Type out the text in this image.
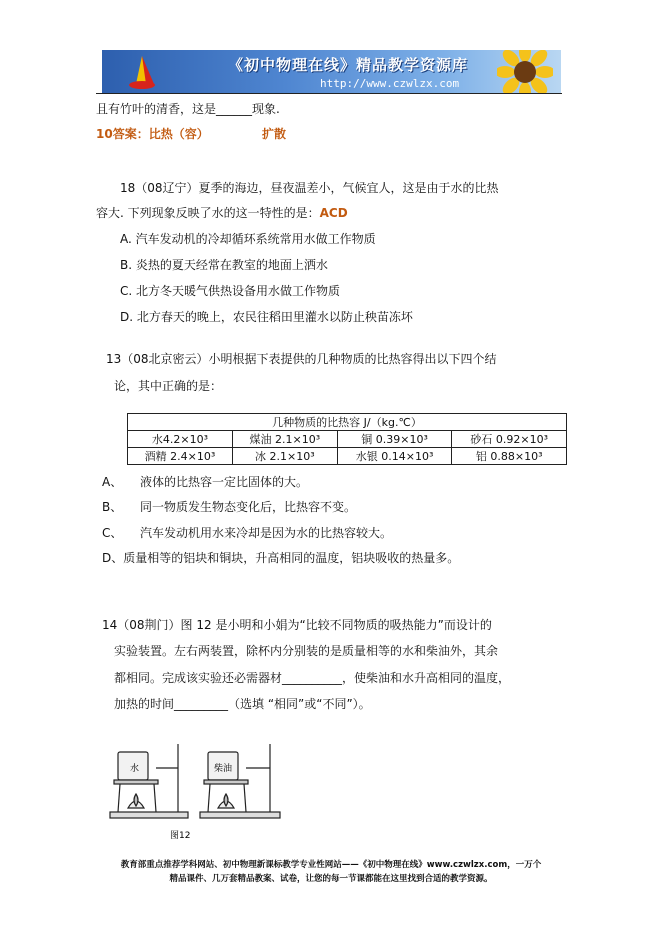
《初中物理在线》精品教学资源库
http://www.czwlzx.com
且有竹叶的清香，这是______现象.
10答案：比热（容）	扩散
18（08辽宁）夏季的海边，昼夜温差小，气候宜人，这是由于水的比热
容大. 下列现象反映了水的这一特性的是：ACD
A. 汽车发动机的冷却循环系统常用水做工作物质
B. 炎热的夏天经常在教室的地面上洒水
C. 北方冬天暖气供热设备用水做工作物质
D. 北方春天的晚上，农民往稻田里灌水以防止秧苗冻坏
13（08北京密云）小明根据下表提供的几种物质的比热容得出以下四个结
论，其中正确的是：
几种物质的比热容 J/（kg.℃）			
水4.2×10³	煤油 2.1×10³	铜 0.39×10³	砂石 0.92×10³
酒精 2.4×10³	冰 2.1×10³	水银 0.14×10³	铝 0.88×10³
A、 液体的比热容一定比固体的大。
B、 同一物质发生物态变化后，比热容不变。
C、 汽车发动机用水来冷却是因为水的比热容较大。
D、质量相等的铝块和铜块，升高相同的温度，铝块吸收的热量多。
14（08荆门）图 12 是小明和小娟为“比较不同物质的吸热能力”而设计的
实验装置。左右两装置，除杯内分别装的是质量相等的水和柴油外，其余
都相同。完成该实验还必需器材__________，使柴油和水升高相同的温度，
加热的时间_________（选填 “相同”或“不同”）。
水	柴油
图12
教育部重点推荐学科网站、初中物理新课标教学专业性网站——《初中物理在线》www.czwlzx.com，一万个
精品课件、几万套精品教案、试卷，让您的每一节课都能在这里找到合适的教学资源。
